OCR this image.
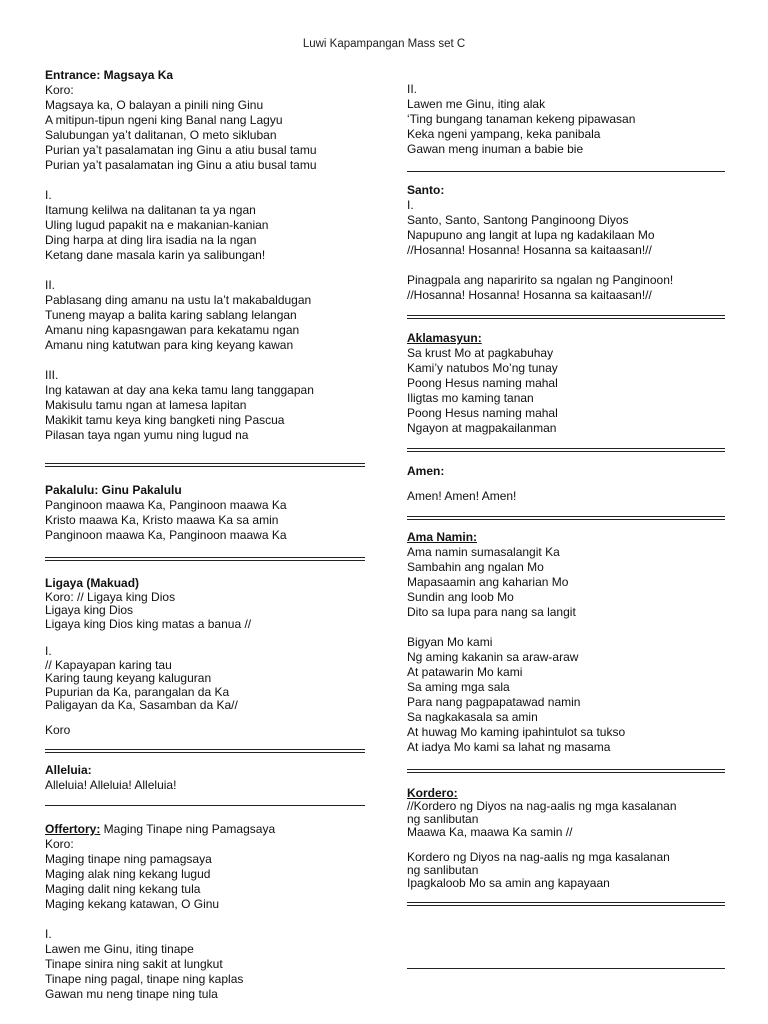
Luwi Kapampangan Mass set C
Entrance: Magsaya Ka
Koro:
Magsaya ka, O balayan a pinili ning Ginu
A mitipun-tipun ngeni king Banal nang Lagyu
Salubungan ya’t dalitanan, O meto sikluban
Purian ya’t pasalamatan ing Ginu a atiu busal tamu
Purian ya’t pasalamatan ing Ginu a atiu busal tamu
I.
Itamung kelilwa na dalitanan ta ya ngan
Uling lugud papakit na e makanian-kanian
Ding harpa at ding lira isadia na la ngan
Ketang dane masala karin ya salibungan!
II.
Pablasang ding amanu na ustu la’t makabaldugan
Tuneng mayap a balita karing sablang lelangan
Amanu ning kapasngawan para kekatamu ngan
Amanu ning katutwan para king keyang kawan
III.
Ing katawan at day ana keka tamu lang tanggapan
Makisulu tamu ngan at lamesa lapitan
Makikit tamu keya king bangketi ning Pascua
Pilasan taya ngan yumu ning lugud na
Pakalulu: Ginu Pakalulu
Panginoon maawa Ka, Panginoon maawa Ka
Kristo maawa Ka, Kristo maawa Ka sa amin
Panginoon maawa Ka, Panginoon maawa Ka
Ligaya (Makuad)
Koro: // Ligaya king Dios
Ligaya king Dios
Ligaya king Dios king matas a banua //
I.
// Kapayapan karing tau
Karing taung keyang kaluguran
Pupurian da Ka, parangalan da Ka
Paligayan da Ka, Sasamban da Ka//
Koro
Alleluia:
Alleluia! Alleluia! Alleluia!
Offertory: Maging Tinape ning Pamagsaya
Koro:
Maging tinape ning pamagsaya
Maging alak ning kekang lugud
Maging dalit ning kekang tula
Maging kekang katawan, O Ginu
I.
Lawen me Ginu, iting tinape
Tinape sinira ning sakit at lungkut
Tinape ning pagal, tinape ning kaplas
Gawan mu neng tinape ning tula
II.
Lawen me Ginu, iting alak
‘Ting bungang tanaman kekeng pipawasan
Keka ngeni yampang, keka panibala
Gawan meng inuman a babie bie
Santo:
I.
Santo, Santo, Santong Panginoong Diyos
Napupuno ang langit at lupa ng kadakilaan Mo
//Hosanna! Hosanna! Hosanna sa kaitaasan!//
Pinagpala ang naparirito sa ngalan ng Panginoon!
//Hosanna! Hosanna! Hosanna sa kaitaasan!//
Aklamasyun:
Sa krust Mo at pagkabuhay
Kami’y natubos Mo’ng tunay
Poong Hesus naming mahal
Iligtas mo kaming tanan
Poong Hesus naming mahal
Ngayon at magpakailanman
Amen:
Amen! Amen! Amen!
Ama Namin:
Ama namin sumasalangit Ka
Sambahin ang ngalan Mo
Mapasaamin ang kaharian Mo
Sundin ang loob Mo
Dito sa lupa para nang sa langit
Bigyan Mo kami
Ng aming kakanin sa araw-araw
At patawarin Mo kami
Sa aming mga sala
Para nang pagpapatawad namin
Sa nagkakasala sa amin
At huwag Mo kaming ipahintulot sa tukso
At iadya Mo kami sa lahat ng masama
Kordero:
//Kordero ng Diyos na nag-aalis ng mga kasalanan
ng sanlibutan
Maawa Ka, maawa Ka samin //
Kordero ng Diyos na nag-aalis ng mga kasalanan
ng sanlibutan
Ipagkaloob Mo sa amin ang kapayaan
